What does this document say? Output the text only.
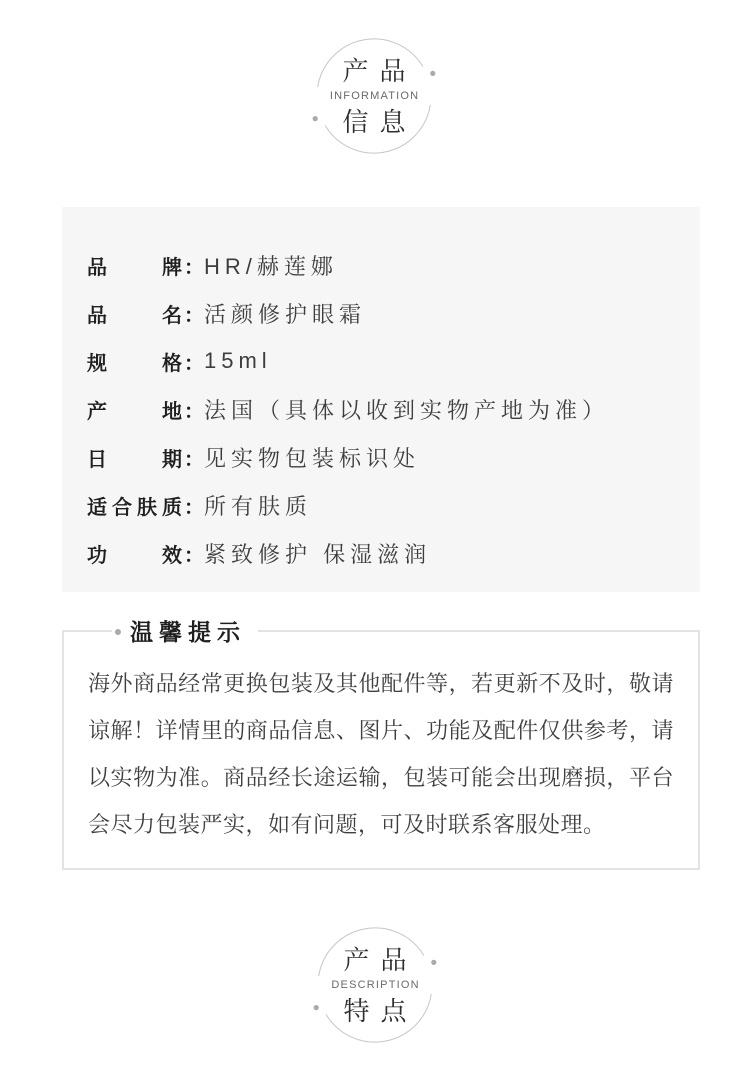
产品
INFORMATION
信息
品	牌 ： HR/赫莲娜
品	名 ： 活颜修护眼霜
规	格 ： 15ml
产	地 ： 法国（具体以收到实物产地为准）
日	期 ： 见实物包装标识处
适 合 肤 质 ： 所有肤质
功	效 ： 紧致修护 保湿滋润
温馨提示

海外商品经常更换包装及其他配件等，若更新不及时，敬请谅解！详情里的商品信息、图片、功能及配件仅供参考，请以实物为准。商品经长途运输，包装可能会出现磨损，平台会尽力包装严实，如有问题，可及时联系客服处理。

产品
DESCRIPTION
特点
